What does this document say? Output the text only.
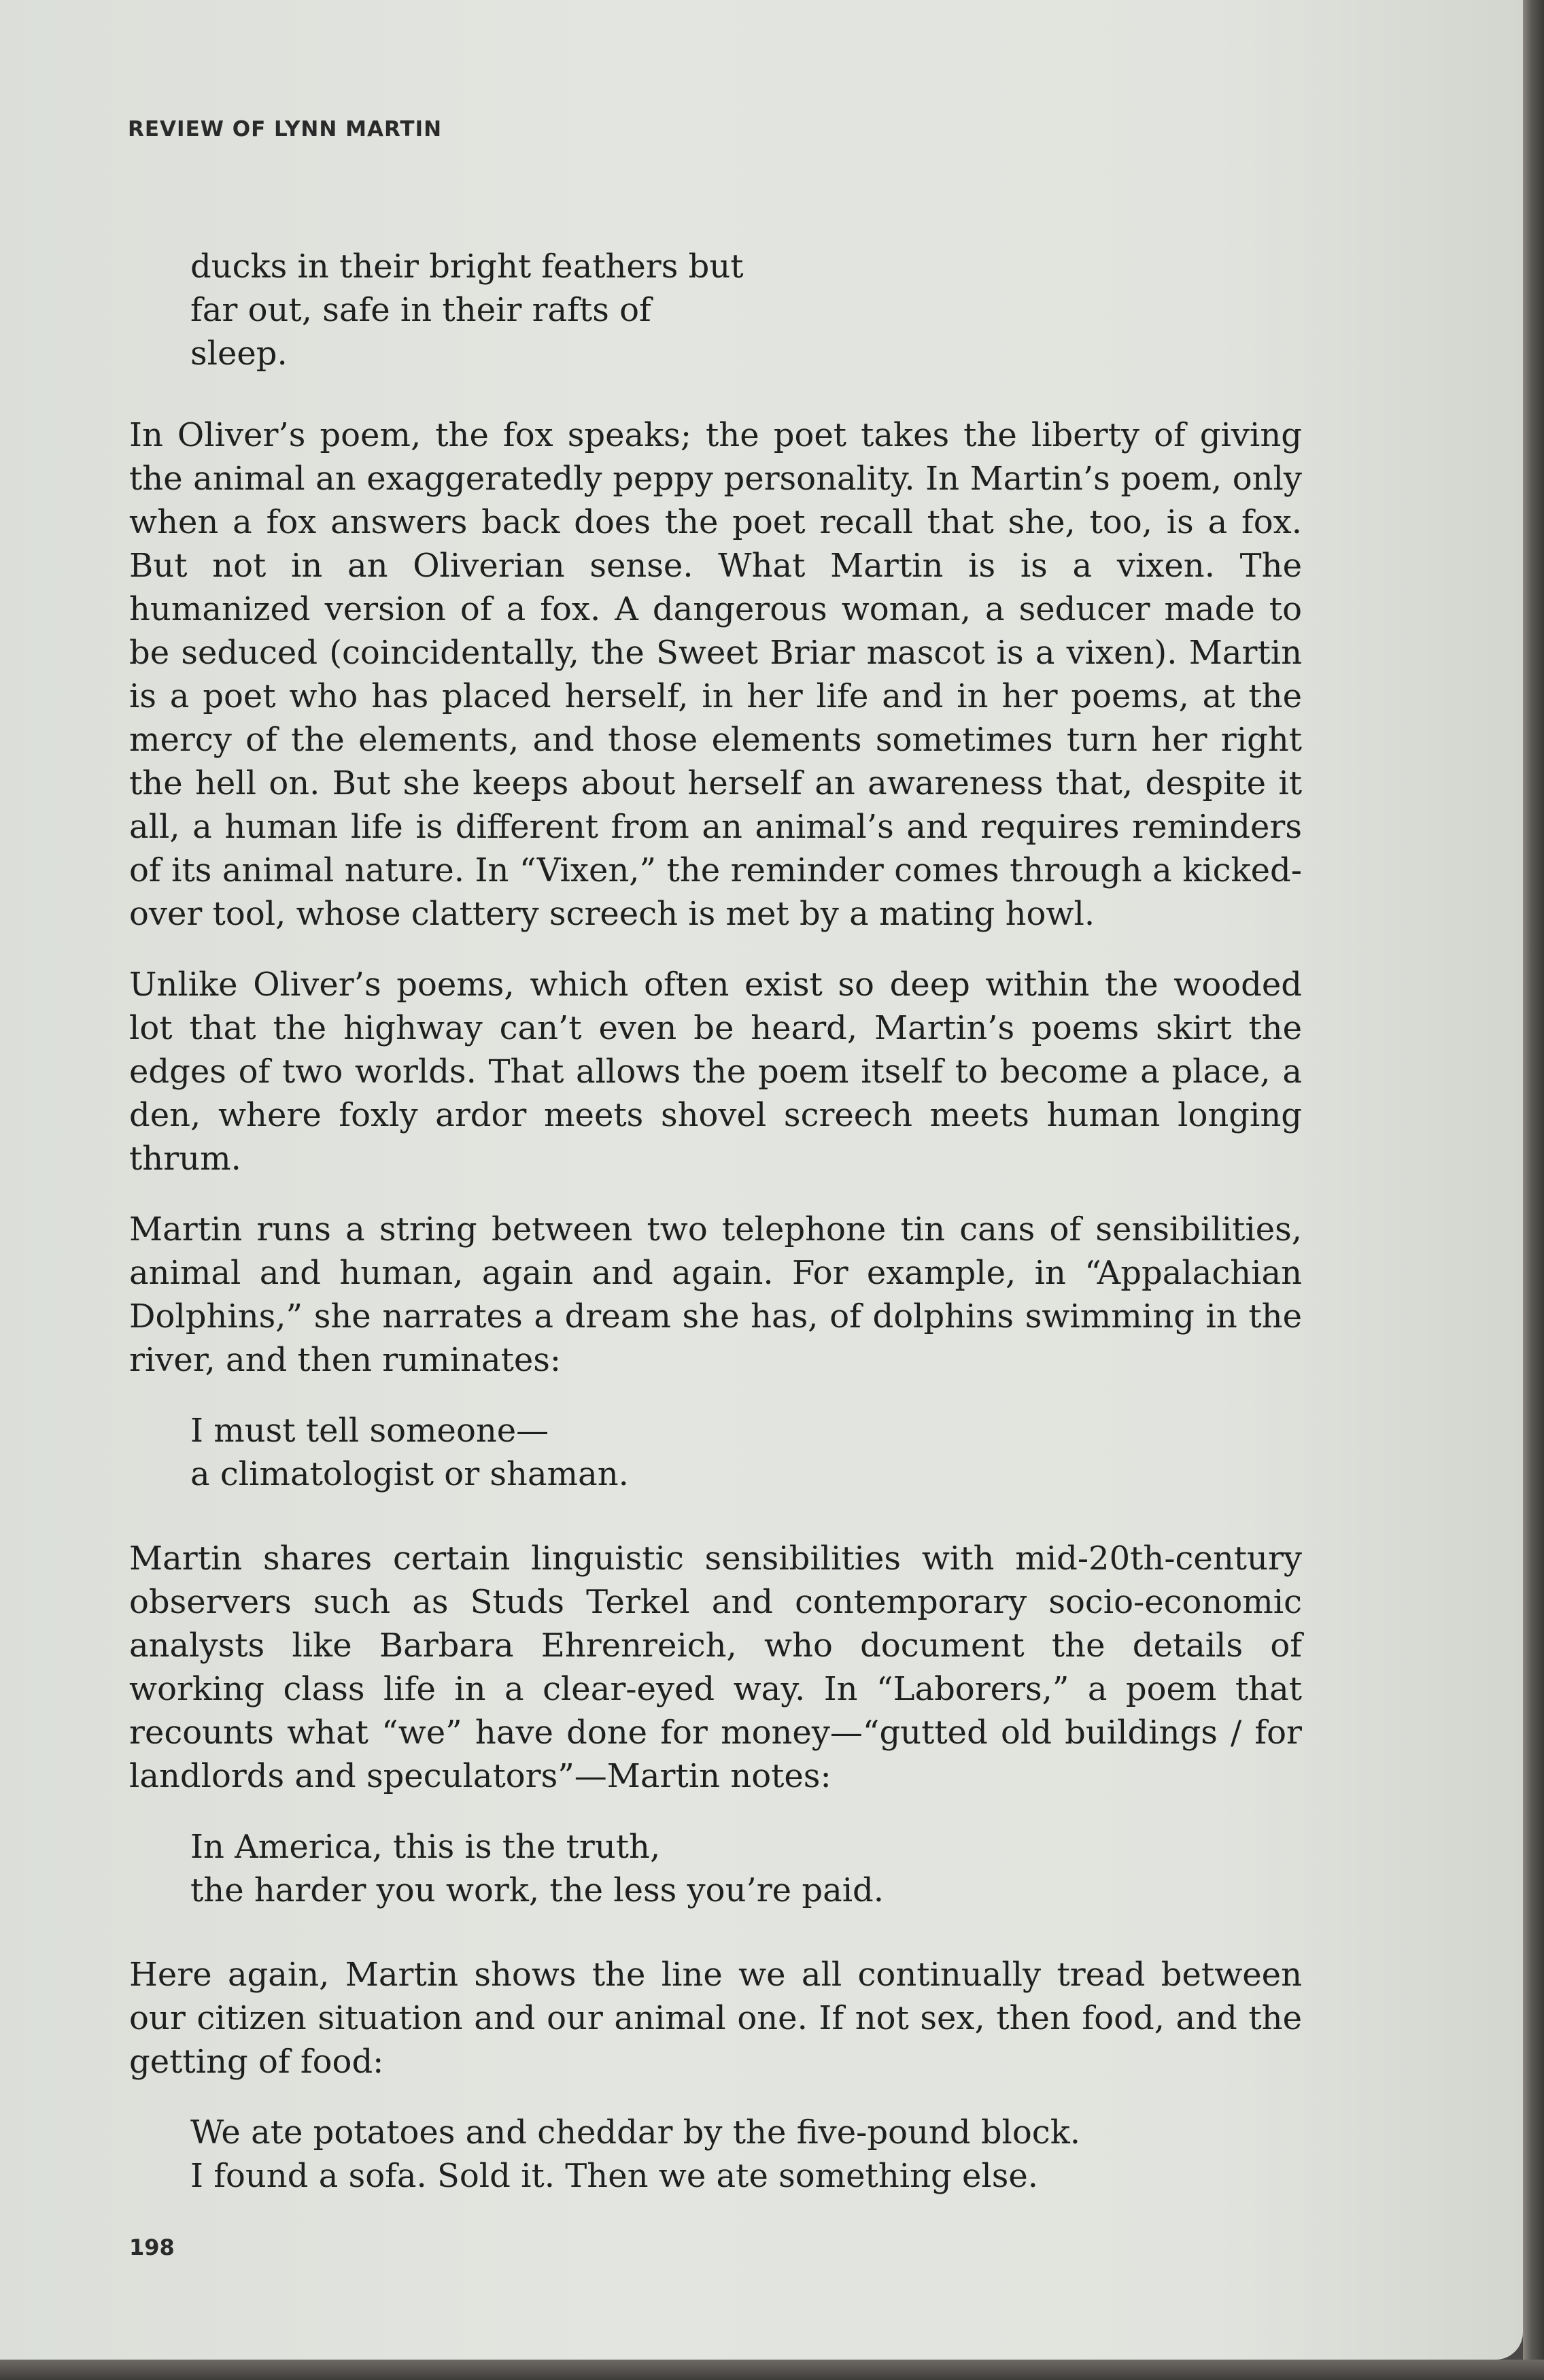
REVIEW OF LYNN MARTIN

ducks in their bright feathers but
far out, safe in their rafts of
sleep.

In Oliver’s poem, the fox speaks; the poet takes the liberty of giving the animal an exaggeratedly peppy personality. In Martin’s poem, only when a fox answers back does the poet recall that she, too, is a fox. But not in an Oliverian sense. What Martin is is a vixen. The humanized version of a fox. A dangerous woman, a seducer made to be seduced (coincidentally, the Sweet Briar mascot is a vixen). Martin is a poet who has placed herself, in her life and in her poems, at the mercy of the elements, and those elements sometimes turn her right the hell on. But she keeps about herself an awareness that, despite it all, a human life is different from an animal’s and requires reminders of its animal nature. In “Vixen,” the reminder comes through a kicked-over tool, whose clattery screech is met by a mating howl.

Unlike Oliver’s poems, which often exist so deep within the wooded lot that the highway can’t even be heard, Martin’s poems skirt the edges of two worlds. That allows the poem itself to become a place, a den, where foxly ardor meets shovel screech meets human longing thrum.

Martin runs a string between two telephone tin cans of sensibilities, animal and human, again and again. For example, in “Appalachian Dolphins,” she narrates a dream she has, of dolphins swimming in the river, and then ruminates:

I must tell someone—
a climatologist or shaman.

Martin shares certain linguistic sensibilities with mid-20th-century observers such as Studs Terkel and contemporary socio-economic analysts like Barbara Ehrenreich, who document the details of working class life in a clear-eyed way. In “Laborers,” a poem that recounts what “we” have done for money—“gutted old buildings / for landlords and speculators”—Martin notes:

In America, this is the truth,
the harder you work, the less you’re paid.

Here again, Martin shows the line we all continually tread between our citizen situation and our animal one. If not sex, then food, and the getting of food:

We ate potatoes and cheddar by the five-pound block.
I found a sofa. Sold it. Then we ate something else.

198
